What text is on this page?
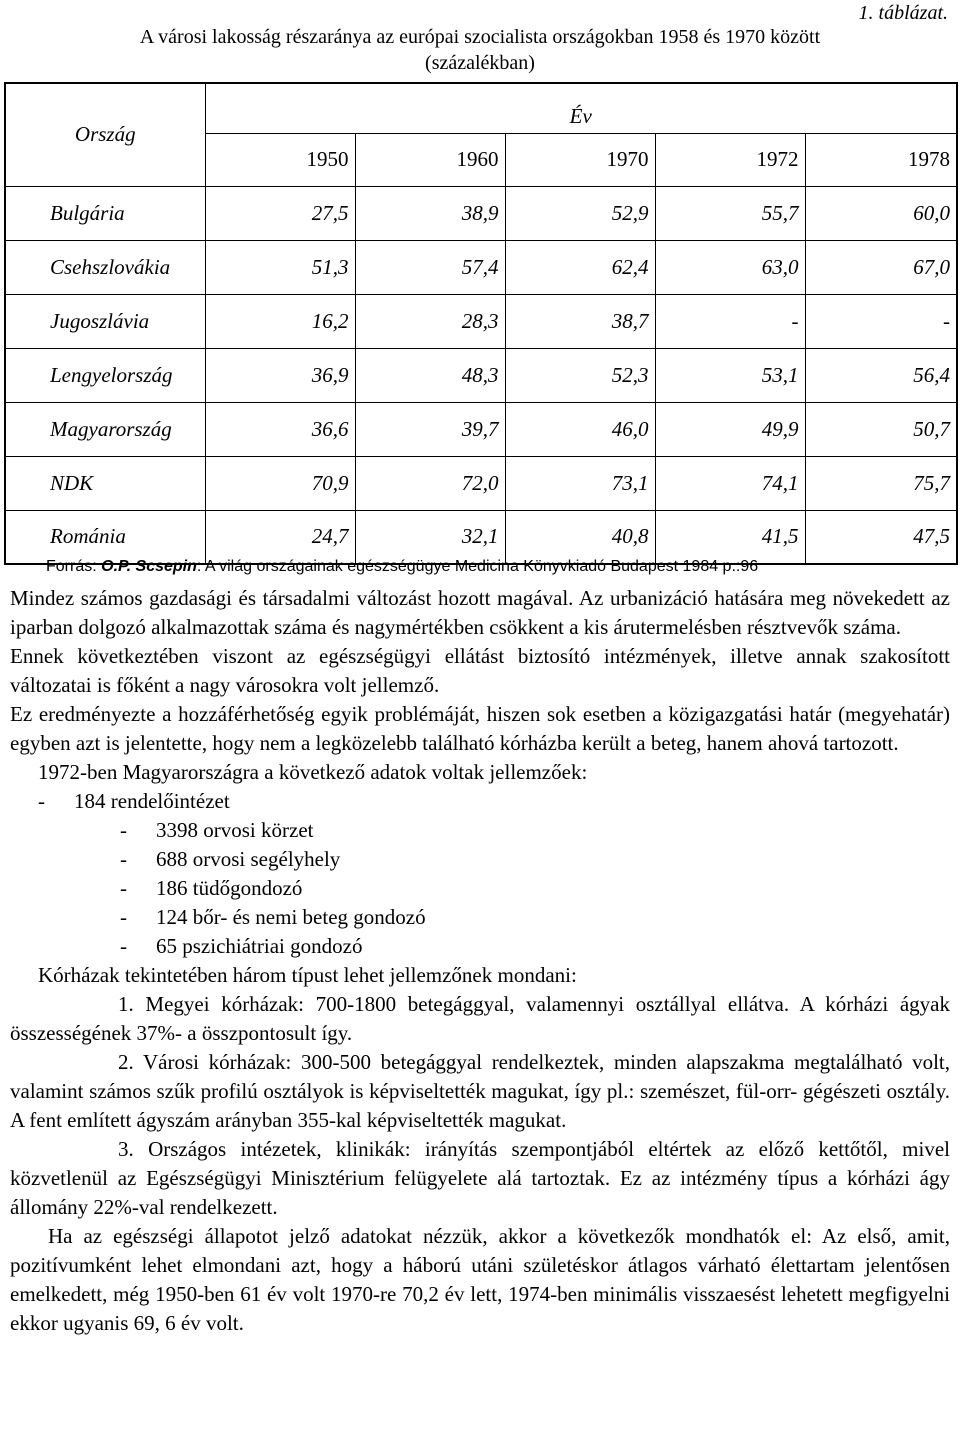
1. táblázat.
A városi lakosság részaránya az európai szocialista országokban 1958 és 1970 között
(százalékban)
Ország	Év				
	1950	1960	1970	1972	1978
Bulgária	27,5	38,9	52,9	55,7	60,0
Csehszlovákia	51,3	57,4	62,4	63,0	67,0
Jugoszlávia	16,2	28,3	38,7	-	-
Lengyelország	36,9	48,3	52,3	53,1	56,4
Magyarország	36,6	39,7	46,0	49,9	50,7
NDK	70,9	72,0	73,1	74,1	75,7
Románia	24,7	32,1	40,8	41,5	47,5
Forrás: O.P. Scsepin: A világ országainak egészségügye Medicina Könyvkiadó Budapest 1984 p.:96

Mindez számos gazdasági és társadalmi változást hozott magával. Az urbanizáció hatására meg növekedett az iparban dolgozó alkalmazottak száma és nagymértékben csökkent a kis árutermelésben résztvevők száma.

Ennek következtében viszont az egészségügyi ellátást biztosító intézmények, illetve annak szakosított változatai is főként a nagy városokra volt jellemző.

Ez eredményezte a hozzáférhetőség egyik problémáját, hiszen sok esetben a közigazgatási határ (megyehatár) egyben azt is jelentette, hogy nem a legközelebb található kórházba került a beteg, hanem ahová tartozott.

1972-ben Magyarországra a következő adatok voltak jellemzőek:

-	184 rendelőintézet
-	3398 orvosi körzet
-	688 orvosi segélyhely
-	186 tüdőgondozó
-	124 bőr- és nemi beteg gondozó
-	65 pszichiátriai gondozó

Kórházak tekintetében három típust lehet jellemzőnek mondani:

1. Megyei kórházak: 700-1800 betegággyal, valamennyi osztállyal ellátva. A kórházi ágyak összességének 37%- a összpontosult így.

2. Városi kórházak: 300-500 betegággyal rendelkeztek, minden alapszakma megtalálható volt, valamint számos szűk profilú osztályok is képviseltették magukat, így pl.: szemészet, fül-orr- gégészeti osztály. A fent említett ágyszám arányban 355-kal képviseltették magukat.

3. Országos intézetek, klinikák: irányítás szempontjából eltértek az előző kettőtől, mivel közvetlenül az Egészségügyi Minisztérium felügyelete alá tartoztak. Ez az intézmény típus a kórházi ágy állomány 22%-val rendelkezett.

Ha az egészségi állapotot jelző adatokat nézzük, akkor a következők mondhatók el: Az első, amit, pozitívumként lehet elmondani azt, hogy a háború utáni születéskor átlagos várható élettartam jelentősen emelkedett, még 1950-ben 61 év volt 1970-re 70,2 év lett, 1974-ben minimális visszaesést lehetett megfigyelni ekkor ugyanis 69, 6 év volt.
